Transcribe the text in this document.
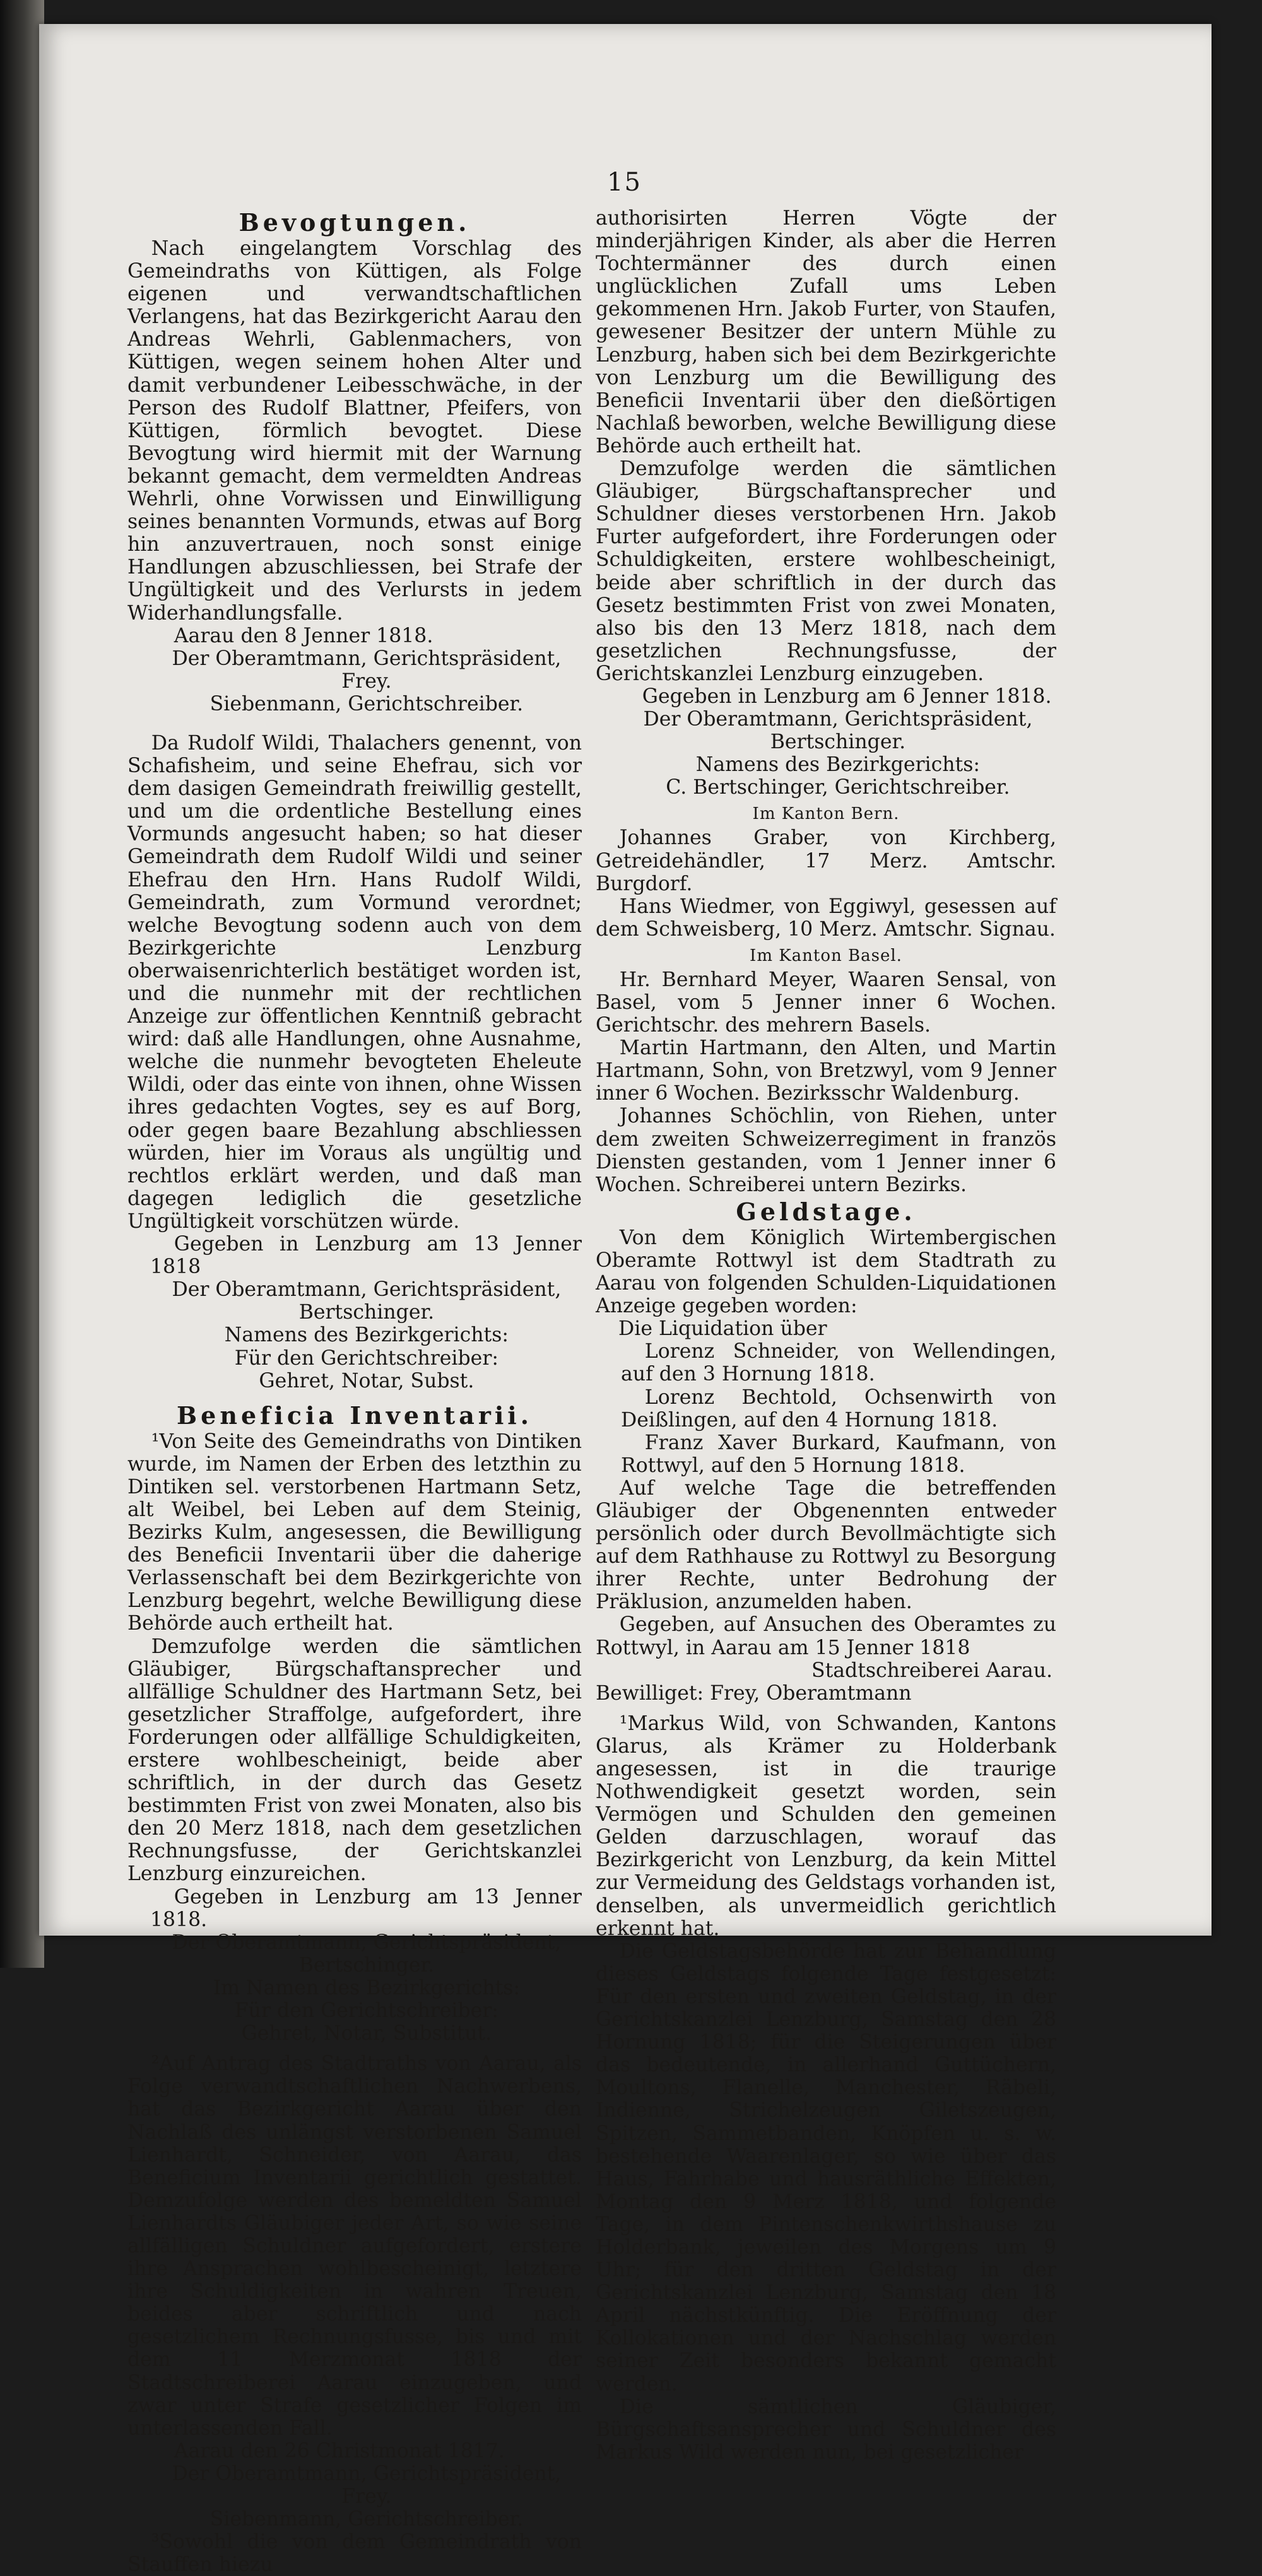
15
Bevogtungen.

Nach eingelangtem Vorschlag des Gemeindraths von Küttigen, als Folge eigenen und verwandtschaftlichen Verlangens, hat das Bezirkgericht Aarau den Andreas Wehrli, Gablenmachers, von Küttigen, wegen seinem hohen Alter und damit verbundener Leibesschwäche, in der Person des Rudolf Blattner, Pfeifers, von Küttigen, förmlich bevogtet. Diese Bevogtung wird hiermit mit der Warnung bekannt gemacht, dem vermeldten Andreas Wehrli, ohne Vorwissen und Einwilligung seines benannten Vormunds, etwas auf Borg hin anzuvertrauen, noch sonst einige Handlungen abzuschliessen, bei Strafe der Ungültigkeit und des Verlursts in jedem Widerhandlungsfalle.

Aarau den 8 Jenner 1818.

Der Oberamtmann, Gerichtspräsident,

Frey.

Siebenmann, Gerichtschreiber.

Da Rudolf Wildi, Thalachers genennt, von Schafisheim, und seine Ehefrau, sich vor dem dasigen Gemeindrath freiwillig gestellt, und um die ordentliche Bestellung eines Vormunds angesucht haben; so hat dieser Gemeindrath dem Rudolf Wildi und seiner Ehefrau den Hrn. Hans Rudolf Wildi, Gemeindrath, zum Vormund verordnet; welche Bevogtung sodenn auch von dem Bezirkgerichte Lenzburg oberwaisenrichterlich bestätiget worden ist, und die nunmehr mit der rechtlichen Anzeige zur öffentlichen Kenntniß gebracht wird: daß alle Handlungen, ohne Ausnahme, welche die nunmehr bevogteten Eheleute Wildi, oder das einte von ihnen, ohne Wissen ihres gedachten Vogtes, sey es auf Borg, oder gegen baare Bezahlung abschliessen würden, hier im Voraus als ungültig und rechtlos erklärt werden, und daß man dagegen lediglich die gesetzliche Ungültigkeit vorschützen würde.

Gegeben in Lenzburg am 13 Jenner 1818

Der Oberamtmann, Gerichtspräsident,

Bertschinger.

Namens des Bezirkgerichts:

Für den Gerichtschreiber:

Gehret, Notar, Subst.

Beneficia Inventarii.

¹Von Seite des Gemeindraths von Dintiken wurde, im Namen der Erben des letzthin zu Dintiken sel. verstorbenen Hartmann Setz, alt Weibel, bei Leben auf dem Steinig, Bezirks Kulm, angesessen, die Bewilligung des Beneficii Inventarii über die daherige Verlassenschaft bei dem Bezirkgerichte von Lenzburg begehrt, welche Bewilligung diese Behörde auch ertheilt hat.

Demzufolge werden die sämtlichen Gläubiger, Bürgschaftansprecher und allfällige Schuldner des Hartmann Setz, bei gesetzlicher Straffolge, aufgefordert, ihre Forderungen oder allfällige Schuldigkeiten, erstere wohlbescheinigt, beide aber schriftlich, in der durch das Gesetz bestimmten Frist von zwei Monaten, also bis den 20 Merz 1818, nach dem gesetzlichen Rechnungsfusse, der Gerichtskanzlei Lenzburg einzureichen.

Gegeben in Lenzburg am 13 Jenner 1818.

Der Oberamtmann, Gerichtspräsident,

Bertschinger.

Im Namen des Bezirkgerichts:

Für den Gerichtschreiber:

Gehret, Notar, Substitut.

²Auf Antrag des Stadtraths von Aarau, als Folge verwandtschaftlichen Nachwerbens, hat das Bezirkgericht Aarau über den Nachlaß des unlängst verstorbenen Samuel Lienhardt, Schneider, von Aarau, das Beneficium Inventarii gerichtlich gestattet. Demzufolge werden des bemeldten Samuel Lienhardts Gläubiger jeder Art, so wie seine allfälligen Schuldner aufgefordert, ersterе ihre Ansprachen wohlbescheinigt, letztere ihre Schuldigkeiten in wahren Treuen, beides aber schriftlich und nach gesetzlichem Rechnungsfusse, bis und mit dem 11 Merzmonat 1818 der Stadtschreiberei Aarau einzugeben, und zwar unter Strafe gesetzlicher Folgen im unterlassenden Fall.

Aarau den 26 Christmonat 1817.

Der Oberamtmann, Gerichtspräsident,

Frey.

Siebenmann, Gerichtschreiber.

³Sowohl die von dem Gemeindrath von Stauffen hiezu

authorisirten Herren Vögte der minderjährigen Kinder, als aber die Herren Tochtermänner des durch einen unglücklichen Zufall ums Leben gekommenen Hrn. Jakob Furter, von Staufen, gewesener Besitzer der untern Mühle zu Lenzburg, haben sich bei dem Bezirkgerichte von Lenzburg um die Bewilligung des Beneficii Inventarii über den dießörtigen Nachlaß beworben, welche Bewilligung diese Behörde auch ertheilt hat.

Demzufolge werden die sämtlichen Gläubiger, Bürgschaftansprecher und Schuldner dieses verstorbenen Hrn. Jakob Furter aufgefordert, ihre Forderungen oder Schuldigkeiten, erstere wohlbescheinigt, beide aber schriftlich in der durch das Gesetz bestimmten Frist von zwei Monaten, also bis den 13 Merz 1818, nach dem gesetzlichen Rechnungsfusse, der Gerichtskanzlei Lenzburg einzugeben.

Gegeben in Lenzburg am 6 Jenner 1818.

Der Oberamtmann, Gerichtspräsident,

Bertschinger.

Namens des Bezirkgerichts:

C. Bertschinger, Gerichtschreiber.

Im Kanton Bern.

Johannes Graber, von Kirchberg, Getreidehändler, 17 Merz. Amtschr. Burgdorf.

Hans Wiedmer, von Eggiwyl, gesessen auf dem Schweisberg, 10 Merz. Amtschr. Signau.

Im Kanton Basel.

Hr. Bernhard Meyer, Waaren Sensal, von Basel, vom 5 Jenner inner 6 Wochen. Gerichtschr. des mehrern Basels.

Martin Hartmann, den Alten, und Martin Hartmann, Sohn, von Bretzwyl, vom 9 Jenner inner 6 Wochen. Bezirksschr Waldenburg.

Johannes Schöchlin, von Riehen, unter dem zweiten Schweizerregiment in französ Diensten gestanden, vom 1 Jenner inner 6 Wochen. Schreiberei untern Bezirks.

Geldstage.

Von dem Königlich Wirtembergischen Oberamte Rottwyl ist dem Stadtrath zu Aarau von folgenden Schulden-Liquidationen Anzeige gegeben worden:

Die Liquidation über

Lorenz Schneider, von Wellendingen, auf den 3 Hornung 1818.

Lorenz Bechtold, Ochsenwirth von Deißlingen, auf den 4 Hornung 1818.

Franz Xaver Burkard, Kaufmann, von Rottwyl, auf den 5 Hornung 1818.

Auf welche Tage die betreffenden Gläubiger der Obgenennten entweder persönlich oder durch Bevollmächtigte sich auf dem Rathhause zu Rottwyl zu Besorgung ihrer Rechte, unter Bedrohung der Präklusion, anzumelden haben.

Gegeben, auf Ansuchen des Oberamtes zu Rottwyl, in Aarau am 15 Jenner 1818

Stadtschreiberei Aarau.

Bewilliget: Frey, Oberamtmann

¹Markus Wild, von Schwanden, Kantons Glarus, als Krämer zu Holderbank angesessen, ist in die traurige Nothwendigkeit gesetzt worden, sein Vermögen und Schulden den gemeinen Gelden darzuschlagen, worauf das Bezirkgericht von Lenzburg, da kein Mittel zur Vermeidung des Geldstags vorhanden ist, denselben, als unvermeidlich gerichtlich erkennt hat.

Die Geldstagsbehörde hat zur Behandlung dieses Geldstags folgende Tage festgesetzt: Für den ersten und zweiten Geldstag, in der Gerichtskanzlei Lenzburg, Samstag den 28 Hornung 1818; für die Steigerungen über das bedeutende, in allerhand Guttüchern, Moultons, Flanelle, Manchester, Räbeli, Indienne, Strichelzeugen Giletszeugen, Spitzen, Sammetbanden, Knöpfen u. s. w. bestehende Waarenlager, so wie über das Haus, Fahrhabe und hausräthliche Effekten, Montag den 9 Merz 1818, und folgende Tage, in dem Pintenschenkwirthshause zu Holderbank, jeweilen des Morgens um 9 Uhr; für den dritten Geldstag in der Gerichtskanzlei Lenzburg, Samstag den 18 April nächstkünftig. Die Eröffnung der Kollokationen und der Nachschlag werden seiner Zeit besonders bekannt gemacht werden.

Die sämtlichen Gläubiger, Bürgschaftsansprecher und Schuldner des Markus Wild werden nun, bei gesetzlicher
